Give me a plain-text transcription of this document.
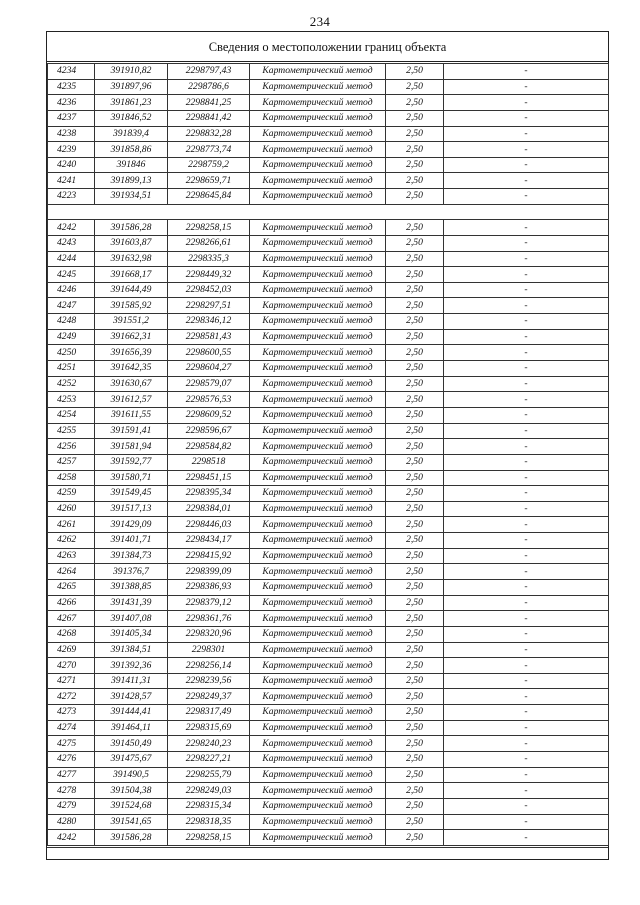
234
Сведения о местоположении границ объекта
4234	391910,82	2298797,43	Картометрический метод	2,50	-
4235	391897,96	2298786,6	Картометрический метод	2,50	-
4236	391861,23	2298841,25	Картометрический метод	2,50	-
4237	391846,52	2298841,42	Картометрический метод	2,50	-
4238	391839,4	2298832,28	Картометрический метод	2,50	-
4239	391858,86	2298773,74	Картометрический метод	2,50	-
4240	391846	2298759,2	Картометрический метод	2,50	-
4241	391899,13	2298659,71	Картометрический метод	2,50	-
4223	391934,51	2298645,84	Картометрический метод	2,50	-

4242	391586,28	2298258,15	Картометрический метод	2,50	-
4243	391603,87	2298266,61	Картометрический метод	2,50	-
4244	391632,98	2298335,3	Картометрический метод	2,50	-
4245	391668,17	2298449,32	Картометрический метод	2,50	-
4246	391644,49	2298452,03	Картометрический метод	2,50	-
4247	391585,92	2298297,51	Картометрический метод	2,50	-
4248	391551,2	2298346,12	Картометрический метод	2,50	-
4249	391662,31	2298581,43	Картометрический метод	2,50	-
4250	391656,39	2298600,55	Картометрический метод	2,50	-
4251	391642,35	2298604,27	Картометрический метод	2,50	-
4252	391630,67	2298579,07	Картометрический метод	2,50	-
4253	391612,57	2298576,53	Картометрический метод	2,50	-
4254	391611,55	2298609,52	Картометрический метод	2,50	-
4255	391591,41	2298596,67	Картометрический метод	2,50	-
4256	391581,94	2298584,82	Картометрический метод	2,50	-
4257	391592,77	2298518	Картометрический метод	2,50	-
4258	391580,71	2298451,15	Картометрический метод	2,50	-
4259	391549,45	2298395,34	Картометрический метод	2,50	-
4260	391517,13	2298384,01	Картометрический метод	2,50	-
4261	391429,09	2298446,03	Картометрический метод	2,50	-
4262	391401,71	2298434,17	Картометрический метод	2,50	-
4263	391384,73	2298415,92	Картометрический метод	2,50	-
4264	391376,7	2298399,09	Картометрический метод	2,50	-
4265	391388,85	2298386,93	Картометрический метод	2,50	-
4266	391431,39	2298379,12	Картометрический метод	2,50	-
4267	391407,08	2298361,76	Картометрический метод	2,50	-
4268	391405,34	2298320,96	Картометрический метод	2,50	-
4269	391384,51	2298301	Картометрический метод	2,50	-
4270	391392,36	2298256,14	Картометрический метод	2,50	-
4271	391411,31	2298239,56	Картометрический метод	2,50	-
4272	391428,57	2298249,37	Картометрический метод	2,50	-
4273	391444,41	2298317,49	Картометрический метод	2,50	-
4274	391464,11	2298315,69	Картометрический метод	2,50	-
4275	391450,49	2298240,23	Картометрический метод	2,50	-
4276	391475,67	2298227,21	Картометрический метод	2,50	-
4277	391490,5	2298255,79	Картометрический метод	2,50	-
4278	391504,38	2298249,03	Картометрический метод	2,50	-
4279	391524,68	2298315,34	Картометрический метод	2,50	-
4280	391541,65	2298318,35	Картометрический метод	2,50	-
4242	391586,28	2298258,15	Картометрический метод	2,50	-
